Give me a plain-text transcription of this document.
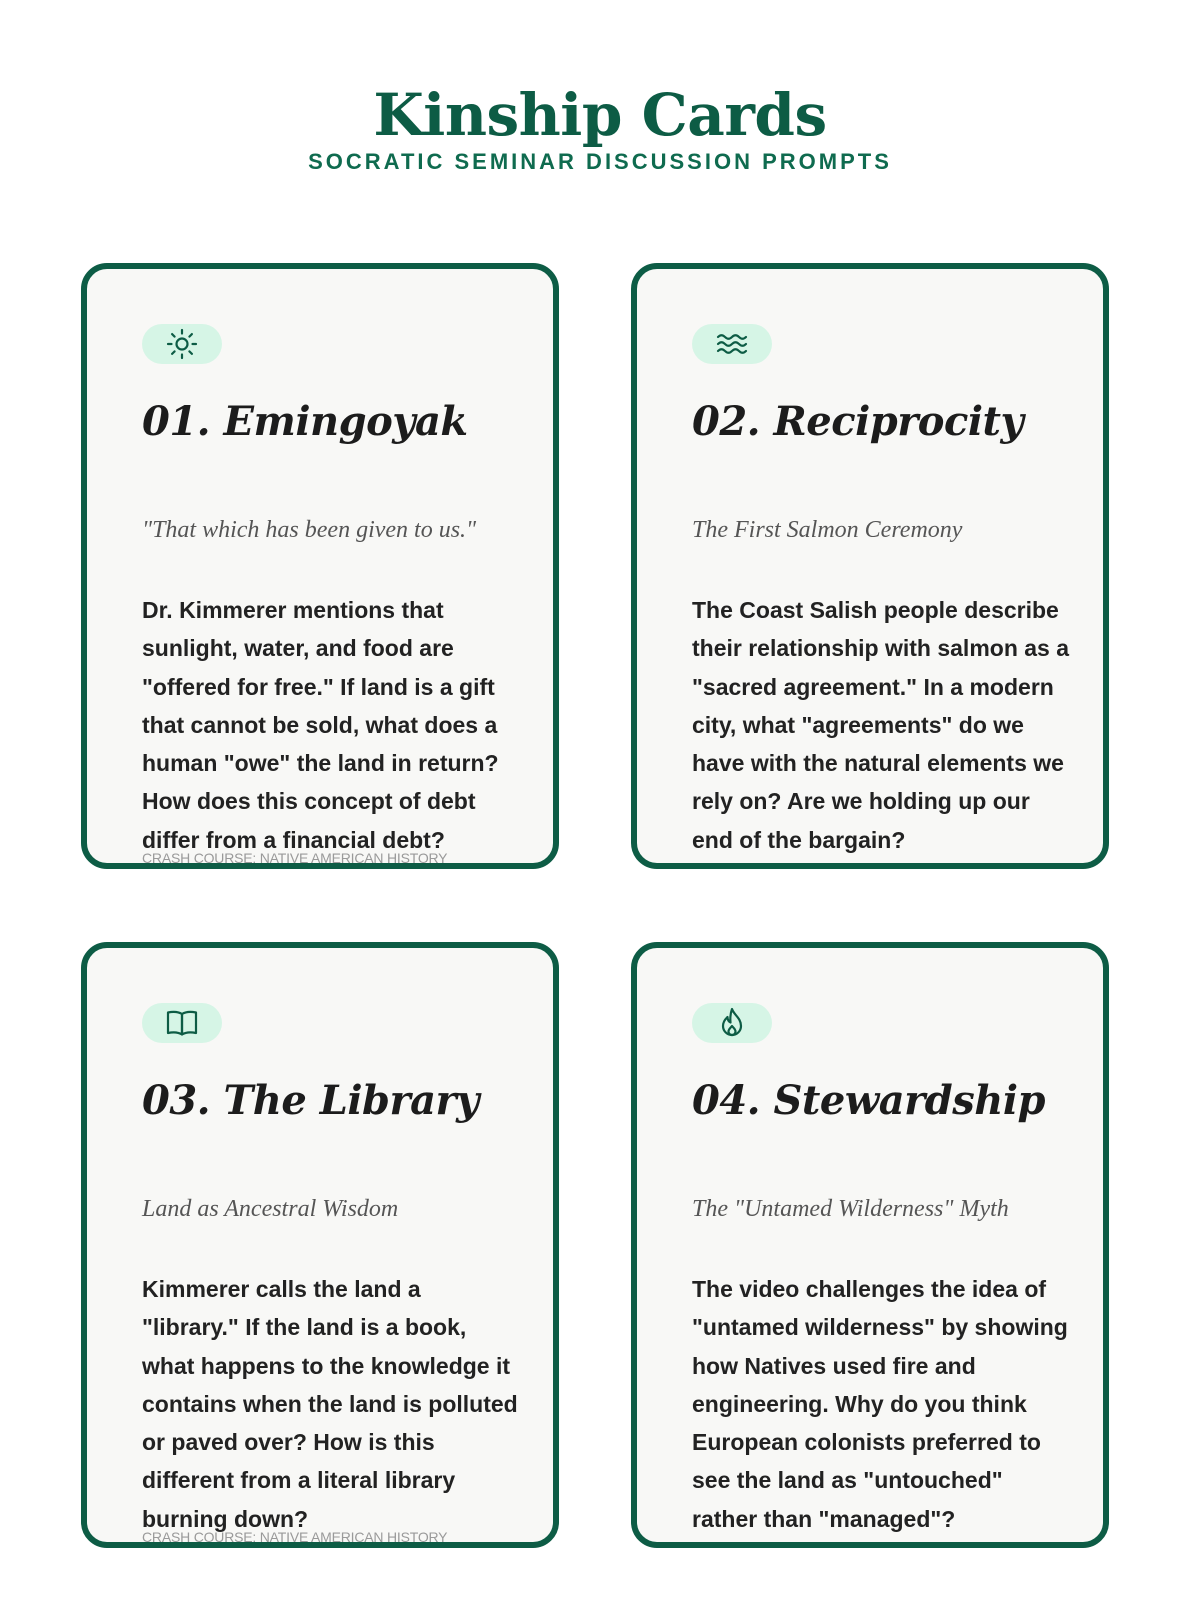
Kinship Cards

SOCRATIC SEMINAR DISCUSSION PROMPTS

01. Emingoyak

"That which has been given to us."

Dr. Kimmerer mentions that sunlight, water, and food are "offered for free." If land is a gift that cannot be sold, what does a human "owe" the land in return? How does this concept of debt differ from a financial debt?

CRASH COURSE: NATIVE AMERICAN HISTORY

02. Reciprocity

The First Salmon Ceremony

The Coast Salish people describe their relationship with salmon as a "sacred agreement." In a modern city, what "agreements" do we have with the natural elements we rely on? Are we holding up our end of the bargain?

03. The Library

Land as Ancestral Wisdom

Kimmerer calls the land a "library." If the land is a book, what happens to the knowledge it contains when the land is polluted or paved over? How is this different from a literal library burning down?

CRASH COURSE: NATIVE AMERICAN HISTORY

04. Stewardship

The "Untamed Wilderness" Myth

The video challenges the idea of "untamed wilderness" by showing how Natives used fire and engineering. Why do you think European colonists preferred to see the land as "untouched" rather than "managed"?
